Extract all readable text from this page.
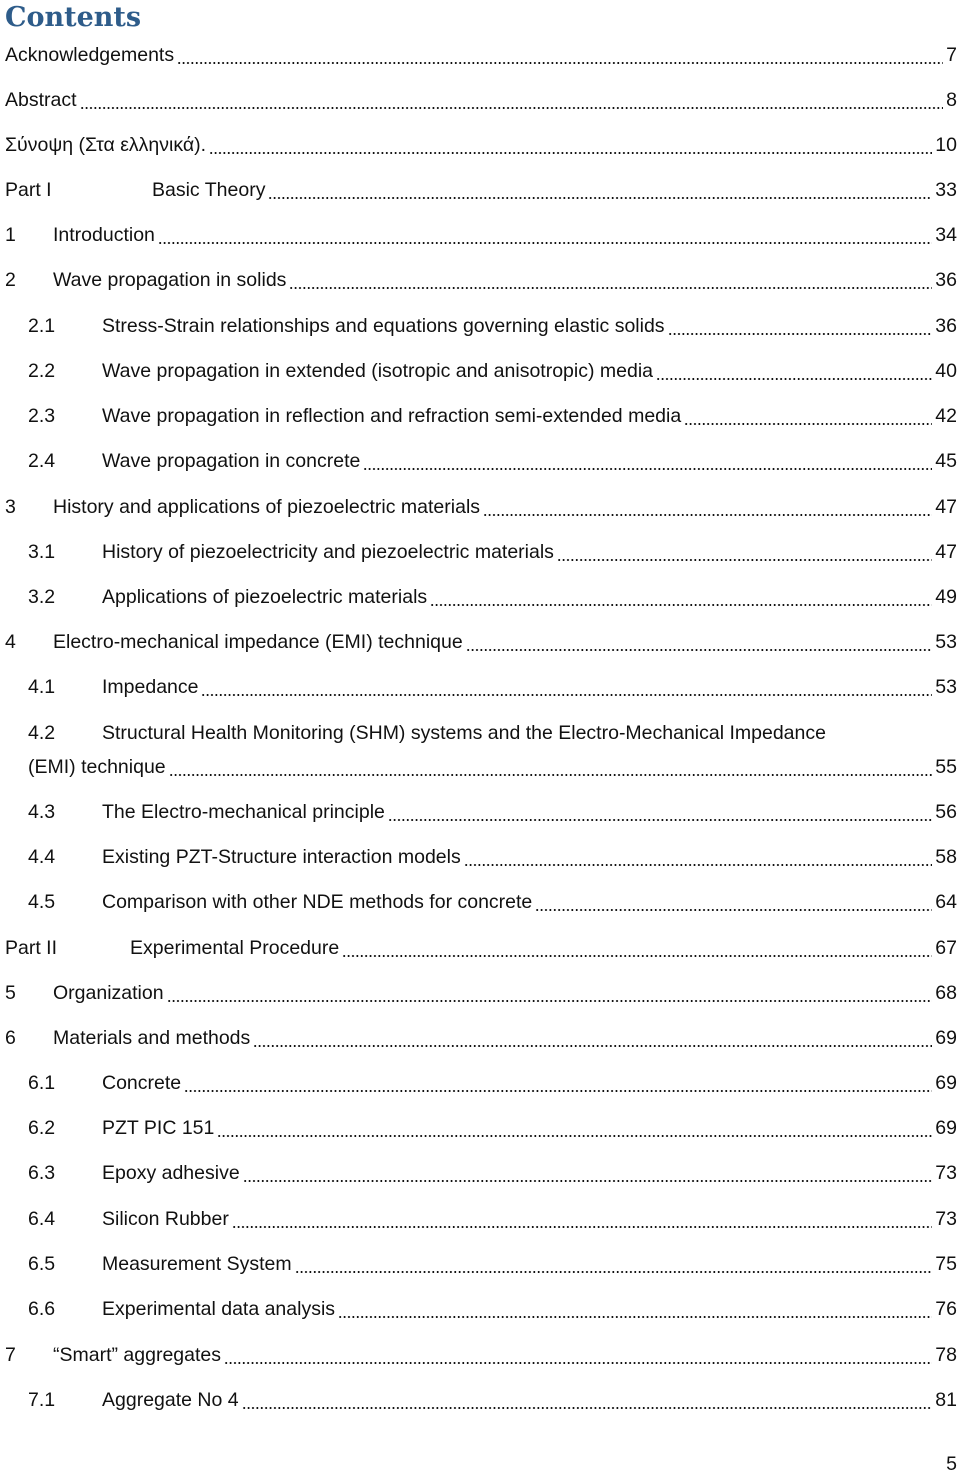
Contents
Acknowledgements	7
Abstract	8
Σύνοψη (Στα ελληνικά).	10
Part I	Basic Theory	33
1 Introduction	34
2 Wave propagation in solids	36
2.1 Stress-Strain relationships and equations governing elastic solids	36
2.2 Wave propagation in extended (isotropic and anisotropic) media	40
2.3 Wave propagation in reflection and refraction semi-extended media	42
2.4 Wave propagation in concrete	45
3 History and applications of piezoelectric materials	47
3.1 History of piezoelectricity and piezoelectric materials	47
3.2 Applications of piezoelectric materials	49
4 Electro-mechanical impedance (EMI) technique	53
4.1 Impedance	53
4.2 Structural Health Monitoring (SHM) systems and the Electro-Mechanical Impedance
(EMI) technique	55
4.3 The Electro-mechanical principle	56
4.4 Existing PZT-Structure interaction models	58
4.5 Comparison with other NDE methods for concrete	64
Part II	Experimental Procedure	67
5 Organization	68
6 Materials and methods	69
6.1 Concrete	69
6.2 PZT PIC 151	69
6.3 Epoxy adhesive	73
6.4 Silicon Rubber	73
6.5 Measurement System	75
6.6 Experimental data analysis	76
7 “Smart” aggregates	78
7.1 Aggregate No 4	81
5
